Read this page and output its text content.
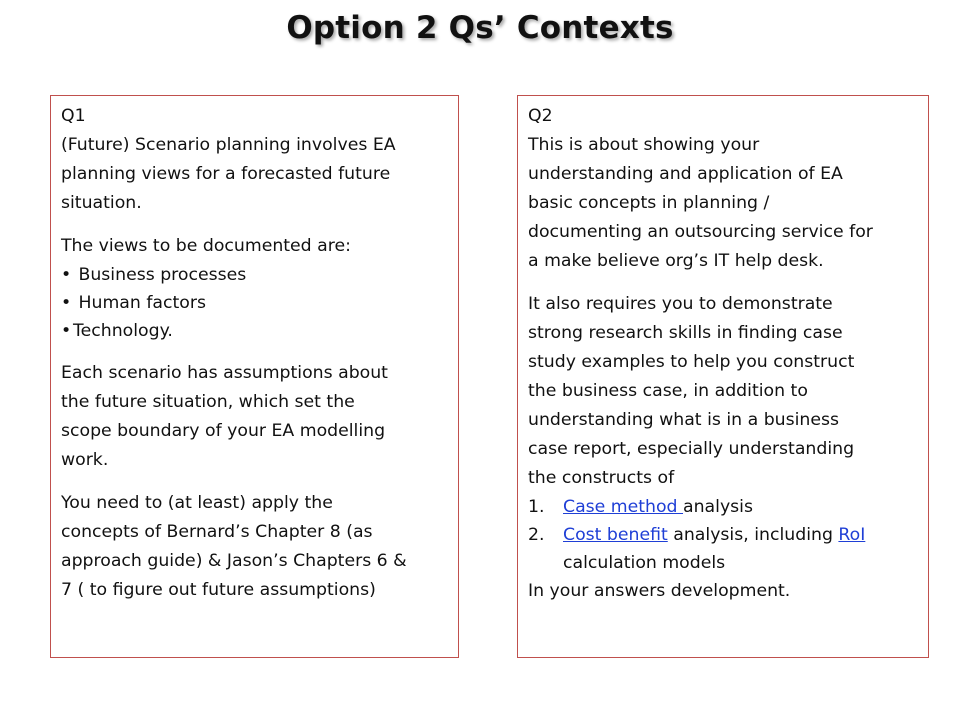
Option 2 Qs’ Contexts

Q1

(Future) Scenario planning involves EA

planning views for a forecasted future

situation.

The views to be documented are:

• Business processes
• Human factors
• Technology.

Each scenario has assumptions about

the future situation, which set the

scope boundary of your EA modelling

work.

You need to (at least) apply the

concepts of Bernard’s Chapter 8 (as

approach guide) & Jason’s Chapters 6 &

7 ( to figure out future assumptions)

Q2

This is about showing your

understanding and application of EA

basic concepts in planning /

documenting an outsourcing service for

a make believe org’s IT help desk.

It also requires you to demonstrate

strong research skills in finding case

study examples to help you construct

the business case, in addition to

understanding what is in a business

case report, especially understanding

the constructs of

1.	Case method analysis
2.	Cost benefit analysis, including RoI
calculation models

In your answers development.
